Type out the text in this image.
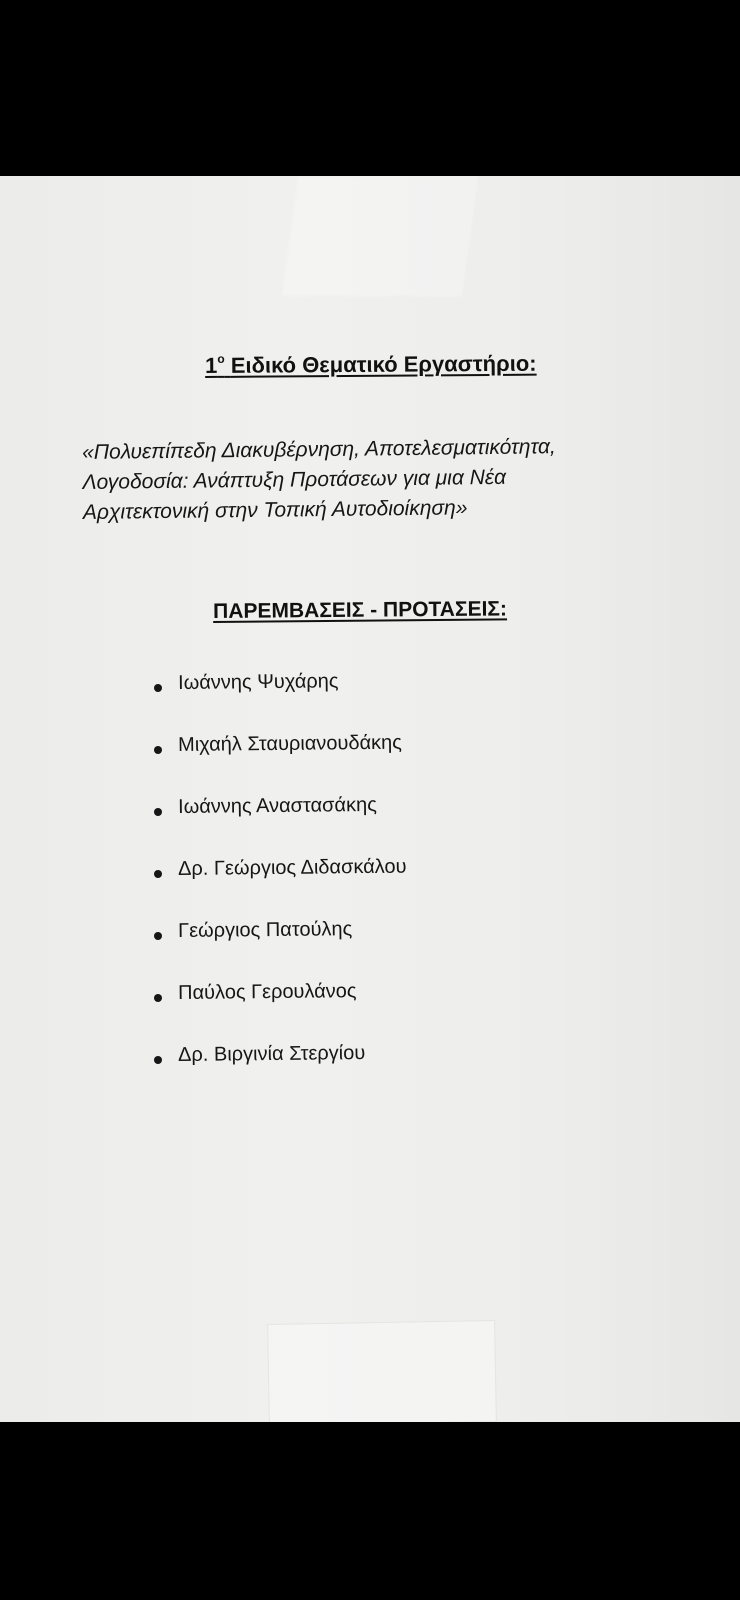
$1^o$ Ειδικό Θεματικό Εργαστήριο:
«Πολυεπίπεδη Διακυβέρνηση, Αποτελεσματικότητα,
Λογοδοσία: Ανάπτυξη Προτάσεων για μια Νέα
Αρχιτεκτονική στην Τοπική Αυτοδιοίκηση»
ΠΑΡΕΜΒΑΣΕΙΣ - ΠΡΟΤΑΣΕΙΣ:
Ιωάννης Ψυχάρης
Μιχαήλ Σταυριανουδάκης
Ιωάννης Αναστασάκης
Δρ. Γεώργιος Διδασκάλου
Γεώργιος Πατούλης
Παύλος Γερουλάνος
Δρ. Βιργινία Στεργίου
